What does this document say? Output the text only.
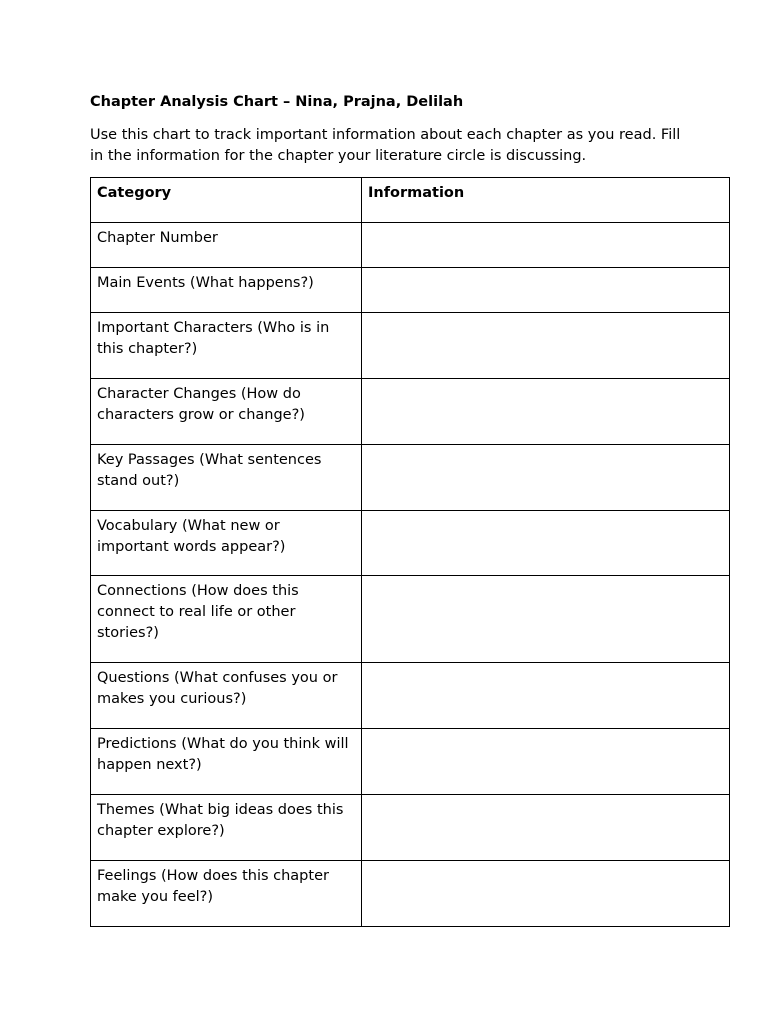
Chapter Analysis Chart – Nina, Prajna, Delilah
Use this chart to track important information about each chapter as you read. Fill in the information for the chapter your literature circle is discussing.
Category	Information
Chapter Number	
Main Events (What happens?)	
Important Characters (Who is in this chapter?)	
Character Changes (How do characters grow or change?)	
Key Passages (What sentences stand out?)	
Vocabulary (What new or important words appear?)	
Connections (How does this connect to real life or other stories?)	
Questions (What confuses you or makes you curious?)	
Predictions (What do you think will happen next?)	
Themes (What big ideas does this chapter explore?)	
Feelings (How does this chapter make you feel?)	
